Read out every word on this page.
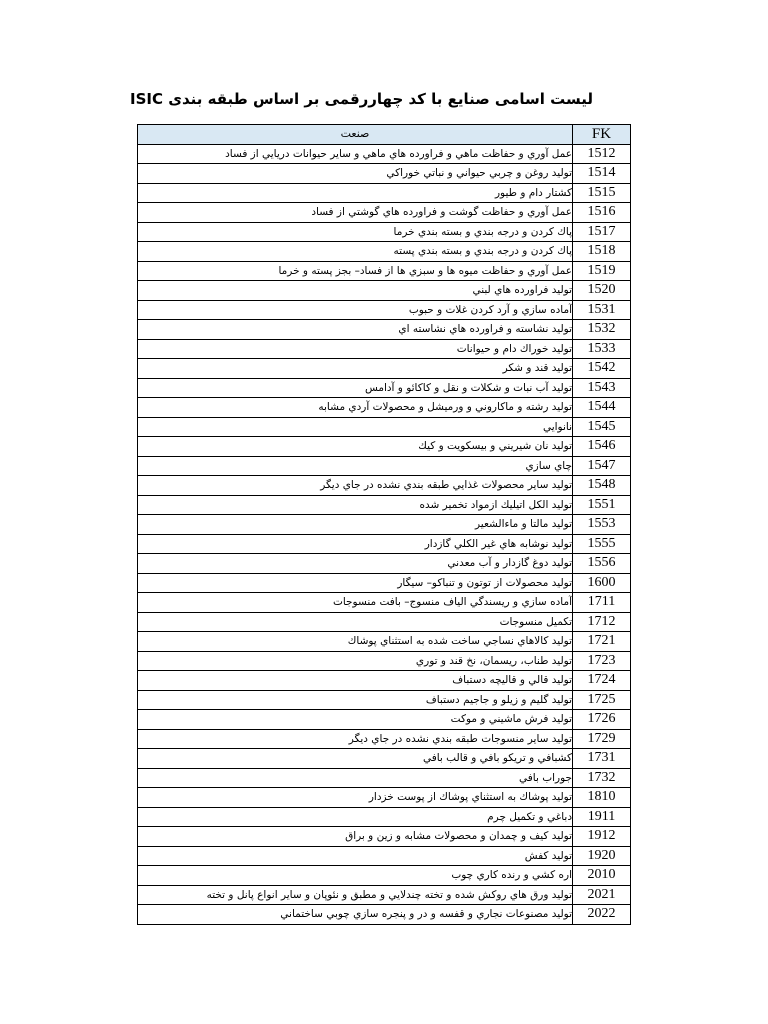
لیست اسامی صنایع با کد چهاررقمی بر اساس طبقه بندی ISIC
FK	صنعت
1512	عمل آوري و حفاظت ماهي و فراورده هاي ماهي و ساير حيوانات دريايي از فساد
1514	توليد روغن و چربي حيواني و نباتي خوراكي
1515	كشتار دام و طيور
1516	عمل آوري و حفاظت گوشت و فراورده هاي گوشتي از فساد
1517	پاك كردن و درجه بندي و بسته بندي خرما
1518	پاك كردن و درجه بندي و بسته بندي پسته
1519	عمل آوري و حفاظت ميوه ها و سبزي ها از فساد– بجز پسته و خرما
1520	توليد فراورده هاي لبني
1531	آماده سازي و آرد كردن غلات و حبوب
1532	توليد نشاسته و فراورده هاي نشاسته اي
1533	توليد خوراك دام و حيوانات
1542	توليد قند و شكر
1543	توليد آب نبات و شكلات و نقل و كاكائو و آدامس
1544	توليد رشته و ماكاروني و ورميشل و محصولات آردي مشابه
1545	نانوايي
1546	توليد نان شيريني و بيسكويت و كيك
1547	چاي سازي
1548	توليد ساير محصولات غذايي طبقه بندي نشده در جاي ديگر
1551	توليد الكل اتيليك ازمواد تخمير شده
1553	توليد مالتا و ماءالشعير
1555	توليد نوشابه هاي غير الكلي گازدار
1556	توليد دوغ گازدار و آب معدني
1600	توليد محصولات از توتون و تنباكو– سيگار
1711	آماده سازي و ريسندگي الياف منسوج– بافت منسوجات
1712	تكميل منسوجات
1721	توليد كالاهاي نساجي ساخت شده به استثناي پوشاك
1723	توليد طناب، ريسمان، نخ قند و توري
1724	توليد قالي و قاليچه دستباف
1725	توليد گليم و زيلو و جاجيم دستباف
1726	توليد فرش ماشيني و موكت
1729	توليد ساير منسوجات طبقه بندي نشده در جاي ديگر
1731	كشبافي و تريكو بافي و قالب بافي
1732	جوراب بافي
1810	توليد پوشاك به استثناي پوشاك از پوست خزدار
1911	دباغي و تكميل چرم
1912	توليد كيف و چمدان و محصولات مشابه و زين و براق
1920	توليد كفش
2010	اره كشي و رنده كاري چوب
2021	توليد ورق هاي روكش شده و تخته چندلايي و مطبق و نئوپان و ساير انواع پانل و تخته
2022	توليد مصنوعات نجاري و قفسه و در و پنجره سازي چوبي ساختماني
